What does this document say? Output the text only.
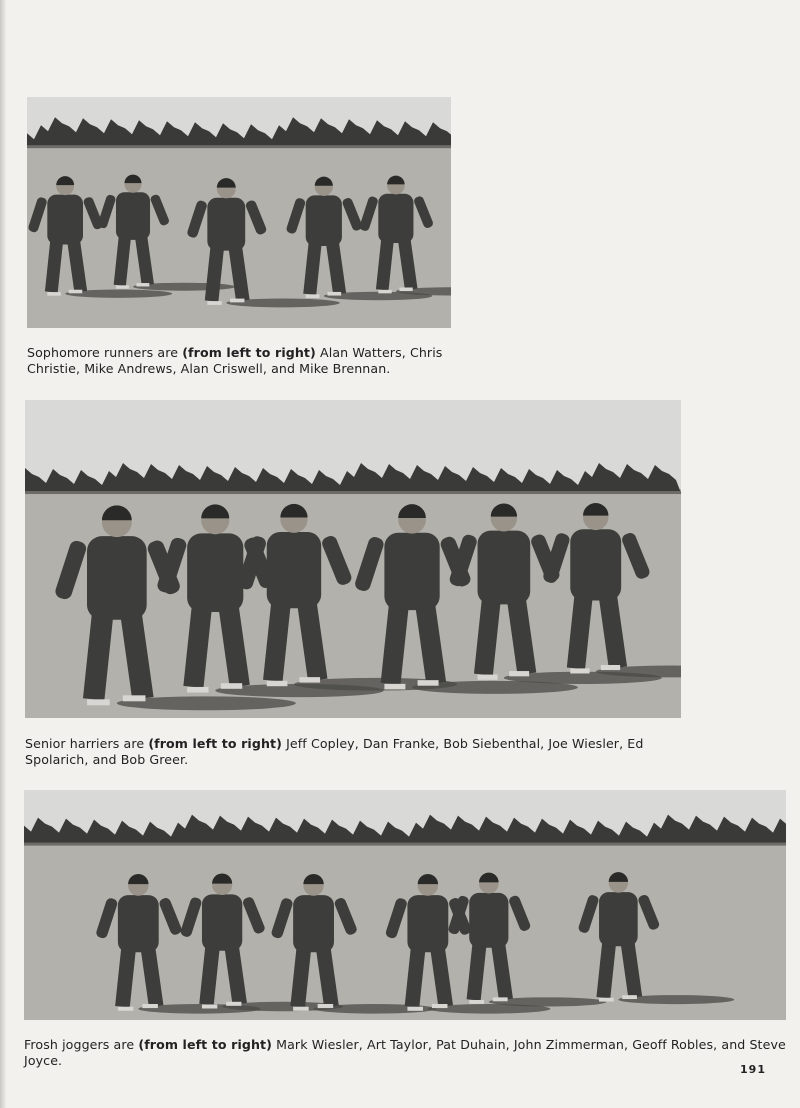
Sophomore runners are (from left to right) Alan Watters, Chris Christie, Mike Andrews, Alan Criswell, and Mike Brennan.
Senior harriers are (from left to right) Jeff Copley, Dan Franke, Bob Siebenthal, Joe Wiesler, Ed Spolarich, and Bob Greer.
Frosh joggers are (from left to right) Mark Wiesler, Art Taylor, Pat Duhain, John Zimmerman, Geoff Robles, and Steve Joyce.
191
